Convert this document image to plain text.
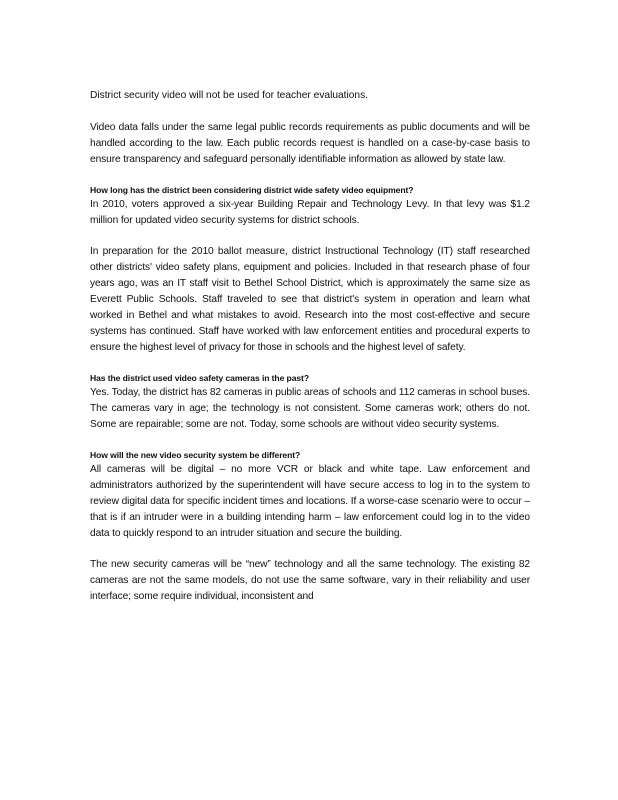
District security video will not be used for teacher evaluations.

Video data falls under the same legal public records requirements as public documents and will be handled according to the law. Each public records request is handled on a case-by-case basis to ensure transparency and safeguard personally identifiable information as allowed by state law.

How long has the district been considering district wide safety video equipment?

In 2010, voters approved a six-year Building Repair and Technology Levy. In that levy was $1.2 million for updated video security systems for district schools.

In preparation for the 2010 ballot measure, district Instructional Technology (IT) staff researched other districts' video safety plans, equipment and policies. Included in that research phase of four years ago, was an IT staff visit to Bethel School District, which is approximately the same size as Everett Public Schools. Staff traveled to see that district's system in operation and learn what worked in Bethel and what mistakes to avoid. Research into the most cost-effective and secure systems has continued. Staff have worked with law enforcement entities and procedural experts to ensure the highest level of privacy for those in schools and the highest level of safety.

Has the district used video safety cameras in the past?

Yes. Today, the district has 82 cameras in public areas of schools and 112 cameras in school buses. The cameras vary in age; the technology is not consistent. Some cameras work; others do not. Some are repairable; some are not. Today, some schools are without video security systems.

How will the new video security system be different?

All cameras will be digital – no more VCR or black and white tape. Law enforcement and administrators authorized by the superintendent will have secure access to log in to the system to review digital data for specific incident times and locations. If a worse-case scenario were to occur – that is if an intruder were in a building intending harm – law enforcement could log in to the video data to quickly respond to an intruder situation and secure the building.

The new security cameras will be “new” technology and all the same technology. The existing 82 cameras are not the same models, do not use the same software, vary in their reliability and user interface; some require individual, inconsistent and
